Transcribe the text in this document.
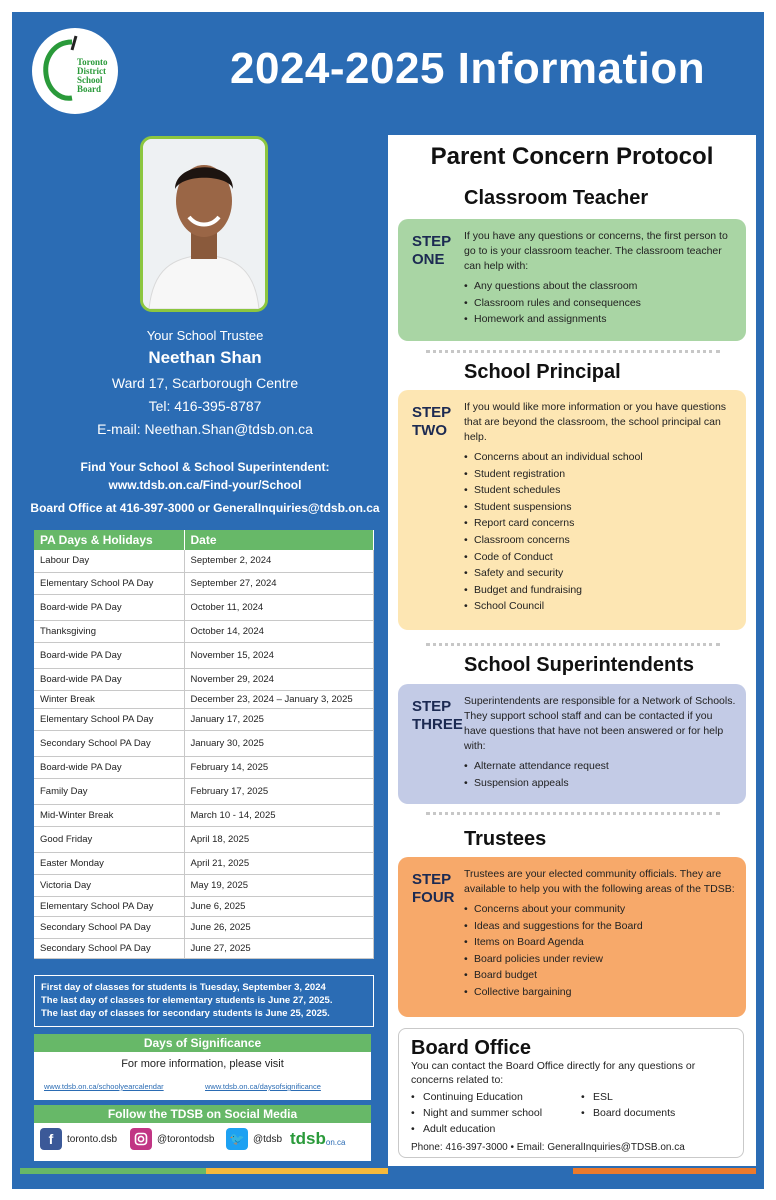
Toronto
District
School
Board	2024-2025 Information
Your School Trustee
Neethan Shan
Ward 17, Scarborough Centre
Tel: 416-395-8787
E-mail: Neethan.Shan@tdsb.on.ca
Find Your School & School Superintendent:
www.tdsb.on.ca/Find-your/School
Board Office at 416-397-3000 or GeneralInquiries@tdsb.on.ca
PA Days & Holidays	Date
Labour Day	September 2, 2024
Elementary School PA Day	September 27, 2024
Board-wide PA Day	October 11, 2024
Thanksgiving	October 14, 2024
Board-wide PA Day	November 15, 2024
Board-wide PA Day	November 29, 2024
Winter Break	December 23, 2024 – January 3, 2025
Elementary School PA Day	January 17, 2025
Secondary School PA Day	January 30, 2025
Board-wide PA Day	February 14, 2025
Family Day	February 17, 2025
Mid-Winter Break	March 10 - 14, 2025
Good Friday	April 18, 2025
Easter Monday	April 21, 2025
Victoria Day	May 19, 2025
Elementary School PA Day	June 6, 2025
Secondary School PA Day	June 26, 2025
Secondary School PA Day	June 27, 2025
First day of classes for students is Tuesday, September 3, 2024
The last day of classes for elementary students is June 27, 2025.
The last day of classes for secondary students is June 25, 2025.
Days of Significance
For more information, please visit
www.tdsb.on.ca/schoolyearcalendar	www.tdsb.on.ca/daysofsignificance
Follow the TDSB on Social Media
f	toronto.dsb	@torontodsb 🐦 @tdsb tdsb on.ca
Parent Concern Protocol
Classroom Teacher
STEP
ONE
If you have any questions or concerns, the first person to go to is your classroom teacher. The classroom teacher can help with:
• Any questions about the classroom
• Classroom rules and consequences
• Homework and assignments
School Principal
STEP
TWO
If you would like more information or you have questions that are beyond the classroom, the school principal can help.
• Concerns about an individual school
• Student registration
• Student schedules
• Student suspensions
• Report card concerns
• Classroom concerns
• Code of Conduct
• Safety and security
• Budget and fundraising
• School Council
School Superintendents
STEP
THREE
Superintendents are responsible for a Network of Schools. They support school staff and can be contacted if you have questions that have not been answered or for help with:
• Alternate attendance request
• Suspension appeals
Trustees
STEP
FOUR
Trustees are your elected community officials. They are available to help you with the following areas of the TDSB:
• Concerns about your community
• Ideas and suggestions for the Board
• Items on Board Agenda
• Board policies under review
• Board budget
• Collective bargaining
Board Office

You can contact the Board Office directly for any questions or concerns related to:

• Continuing Education
• Night and summer school
• Adult education
• ESL
• Board documents
Phone: 416-397-3000 • Email: GeneralInquiries@TDSB.on.ca
